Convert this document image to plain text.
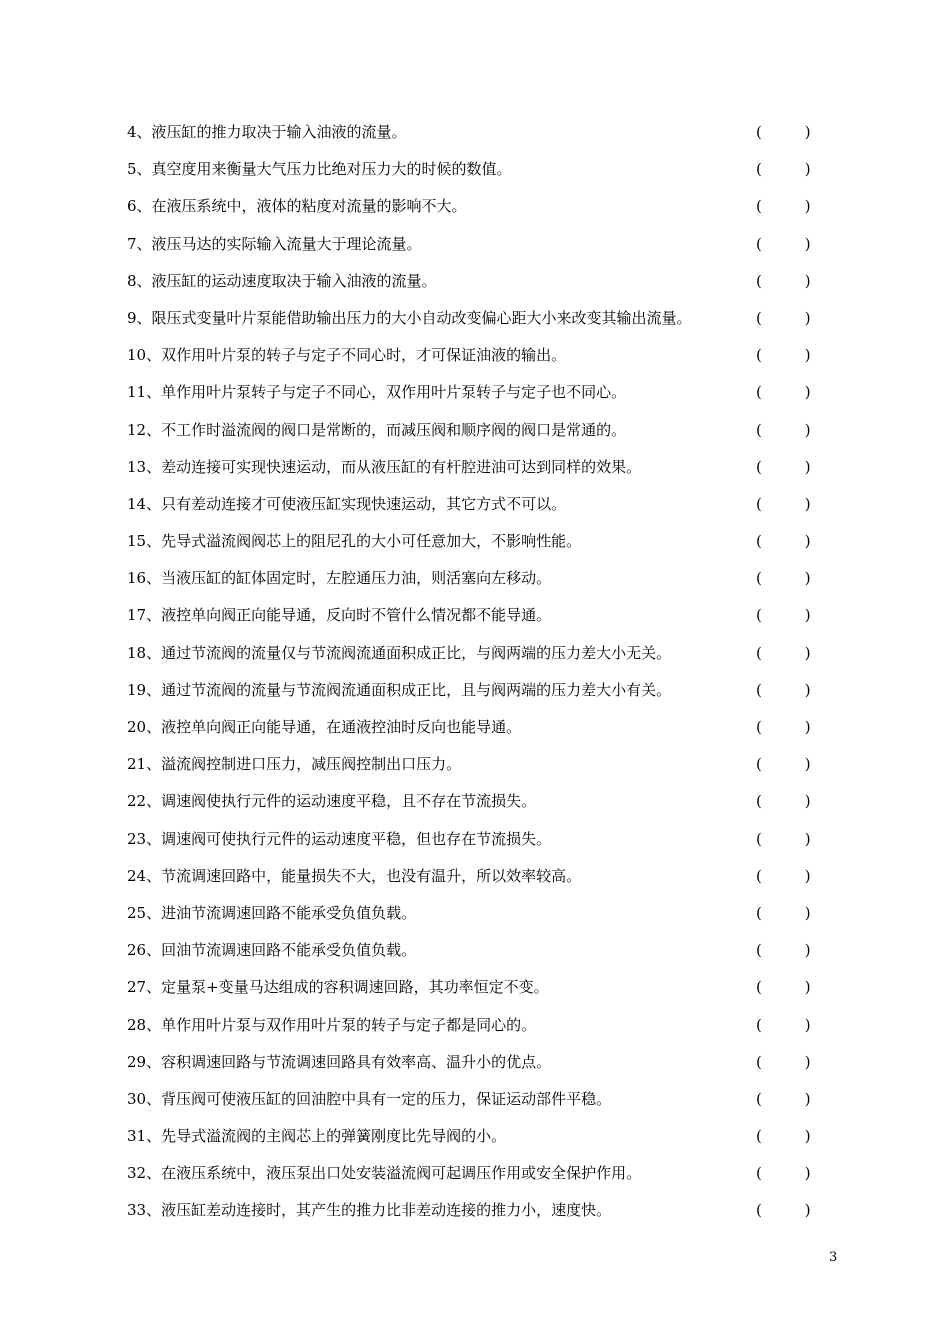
4、液压缸的推力取决于输入油液的流量。	(         )
5、真空度用来衡量大气压力比绝对压力大的时候的数值。	(         )
6、在液压系统中，液体的粘度对流量的影响不大。	(         )
7、液压马达的实际输入流量大于理论流量。	(         )
8、液压缸的运动速度取决于输入油液的流量。	(         )
9、限压式变量叶片泵能借助输出压力的大小自动改变偏心距大小来改变其输出流量。	(         )
10、双作用叶片泵的转子与定子不同心时，才可保证油液的输出。	(         )
11、单作用叶片泵转子与定子不同心，双作用叶片泵转子与定子也不同心。	(         )
12、不工作时溢流阀的阀口是常断的，而减压阀和顺序阀的阀口是常通的。	(         )
13、差动连接可实现快速运动，而从液压缸的有杆腔进油可达到同样的效果。	(         )
14、只有差动连接才可使液压缸实现快速运动，其它方式不可以。	(         )
15、先导式溢流阀阀芯上的阻尼孔的大小可任意加大，不影响性能。	(         )
16、当液压缸的缸体固定时，左腔通压力油，则活塞向左移动。	(         )
17、液控单向阀正向能导通，反向时不管什么情况都不能导通。	(         )
18、通过节流阀的流量仅与节流阀流通面积成正比，与阀两端的压力差大小无关。	(         )
19、通过节流阀的流量与节流阀流通面积成正比，且与阀两端的压力差大小有关。	(         )
20、液控单向阀正向能导通，在通液控油时反向也能导通。	(         )
21、溢流阀控制进口压力，减压阀控制出口压力。	(         )
22、调速阀使执行元件的运动速度平稳，且不存在节流损失。	(         )
23、调速阀可使执行元件的运动速度平稳，但也存在节流损失。	(         )
24、节流调速回路中，能量损失不大，也没有温升，所以效率较高。	(         )
25、进油节流调速回路不能承受负值负载。	(         )
26、回油节流调速回路不能承受负值负载。	(         )
27、定量泵+变量马达组成的容积调速回路，其功率恒定不变。	(         )
28、单作用叶片泵与双作用叶片泵的转子与定子都是同心的。	(         )
29、容积调速回路与节流调速回路具有效率高、温升小的优点。	(         )
30、背压阀可使液压缸的回油腔中具有一定的压力，保证运动部件平稳。	(         )
31、先导式溢流阀的主阀芯上的弹簧刚度比先导阀的小。	(         )
32、在液压系统中，液压泵出口处安装溢流阀可起调压作用或安全保护作用。	(         )
33、液压缸差动连接时，其产生的推力比非差动连接的推力小，速度快。	(         )
3
